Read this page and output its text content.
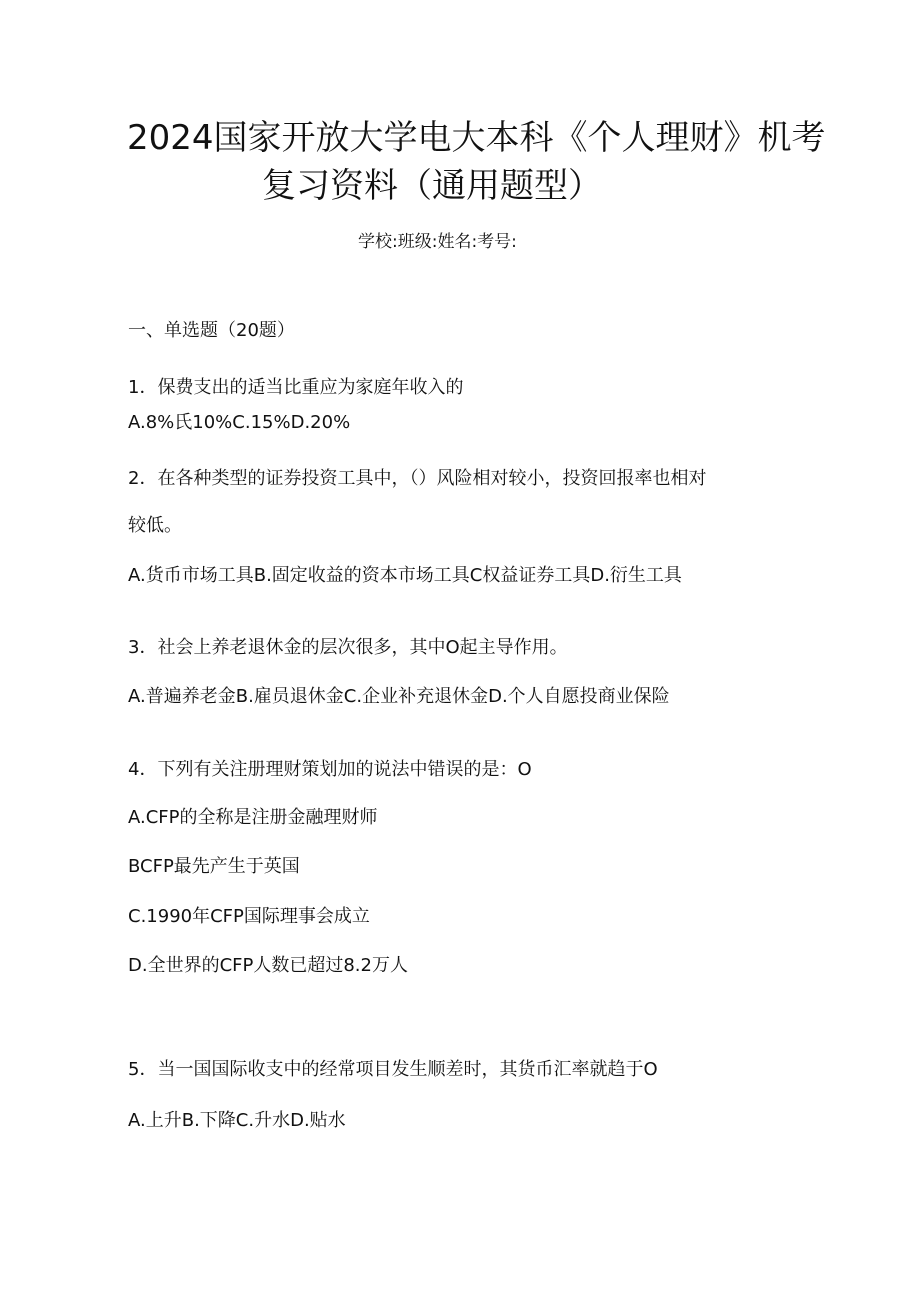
2024国家开放大学电大本科《个人理财》机考
复习资料（通用题型）
学校:班级:姓名:考号:
一、单选题（20题）
1．保费支出的适当比重应为家庭年收入的
A.8%氏10%C.15%D.20%
2．在各种类型的证券投资工具中，（）风险相对较小，投资回报率也相对
较低。
A.货币市场工具B.固定收益的资本市场工具C权益证券工具D.衍生工具
3．社会上养老退休金的层次很多，其中O起主导作用。
A.普遍养老金B.雇员退休金C.企业补充退休金D.个人自愿投商业保险
4．下列有关注册理财策划加的说法中错误的是：O
A.CFP的全称是注册金融理财师
BCFP最先产生于英国
C.1990年CFP国际理事会成立
D.全世界的CFP人数已超过8.2万人
5．当一国国际收支中的经常项目发生顺差时，其货币汇率就趋于O
A.上升B.下降C.升水D.贴水
